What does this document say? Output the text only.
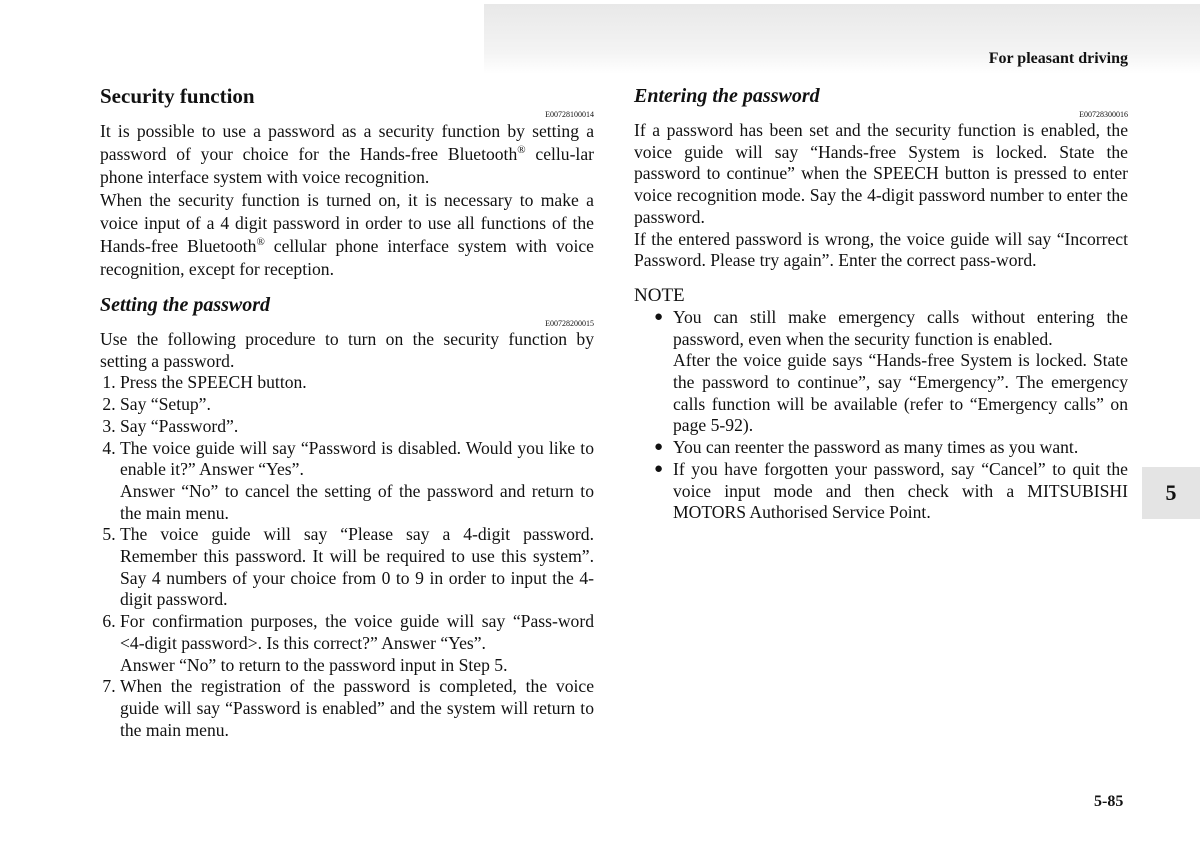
For pleasant driving
Security function
E00728100014

It is possible to use a password as a security function by setting a password of your choice for the Hands-free Bluetooth® cellu-lar phone interface system with voice recognition.

When the security function is turned on, it is necessary to make a voice input of a 4 digit password in order to use all functions of the Hands-free Bluetooth® cellular phone interface system with voice recognition, except for reception.

Setting the password
E00728200015

Use the following procedure to turn on the security function by setting a password.

1. Press the SPEECH button.
2. Say “Setup”.
3. Say “Password”.
4. The voice guide will say “Password is disabled. Would you like to enable it?” Answer “Yes”.
Answer “No” to cancel the setting of the password and return to the main menu.
5. The voice guide will say “Please say a 4-digit password. Remember this password. It will be required to use this system”. Say 4 numbers of your choice from 0 to 9 in order to input the 4-digit password.
6. For confirmation purposes, the voice guide will say “Pass-word <4-digit password>. Is this correct?” Answer “Yes”.
Answer “No” to return to the password input in Step 5.
7. When the registration of the password is completed, the voice guide will say “Password is enabled” and the system will return to the main menu.
Entering the password
E00728300016

If a password has been set and the security function is enabled, the voice guide will say “Hands-free System is locked. State the password to continue” when the SPEECH button is pressed to enter voice recognition mode. Say the 4-digit password number to enter the password.

If the entered password is wrong, the voice guide will say “Incorrect Password. Please try again”. Enter the correct pass-word.

NOTE
● You can still make emergency calls without entering the password, even when the security function is enabled.
After the voice guide says “Hands-free System is locked. State the password to continue”, say “Emergency”. The emergency calls function will be available (refer to “Emergency calls” on page 5-92).
● You can reenter the password as many times as you want.
● If you have forgotten your password, say “Cancel” to quit the voice input mode and then check with a MITSUBISHI MOTORS Authorised Service Point.
5
5-85
